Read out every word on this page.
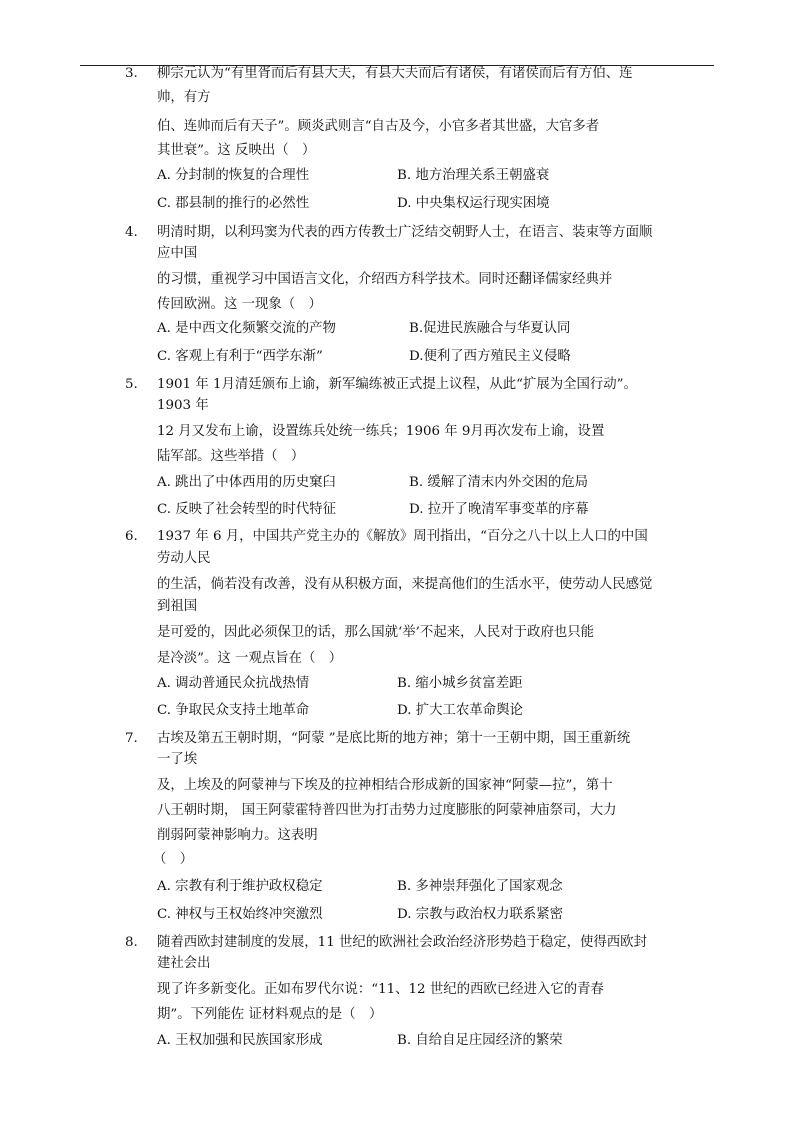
3. 柳宗元认为“有里胥而后有县大夫，有县大夫而后有诸侯，有诸侯而后有方伯、连
帅，有方
伯、连帅而后有天子”。顾炎武则言“自古及今，小官多者其世盛，大官多者
其世衰”。这 反映出（　）
A. 分封制的恢复的合理性	B. 地方治理关系王朝盛衰
C. 郡县制的推行的必然性	D. 中央集权运行现实困境
4. 明清时期，以利玛窦为代表的西方传教士广泛结交朝野人士，在语言、装束等方面顺
应中国
的习惯，重视学习中国语言文化，介绍西方科学技术。同时还翻译儒家经典并
传回欧洲。这 一现象（　）
A. 是中西文化频繁交流的产物	B.促进民族融合与华夏认同
C. 客观上有利于“西学东渐”	D.便利了西方殖民主义侵略
5. 1901 年 1月清廷颁布上谕，新军编练被正式提上议程，从此“扩展为全国行动”。
1903 年
12 月又发布上谕，设置练兵处统一练兵；1906 年 9月再次发布上谕，设置
陆军部。这些举措（　）
A. 跳出了中体西用的历史窠臼	B. 缓解了清末内外交困的危局
C. 反映了社会转型的时代特征	D. 拉开了晚清军事变革的序幕
6. 1937 年 6 月，中国共产党主办的《解放》周刊指出，“百分之八十以上人口的中国
劳动人民
的生活，倘若没有改善，没有从积极方面，来提高他们的生活水平，使劳动人民感觉
到祖国
是可爱的，因此必须保卫的话，那么国就‘举’不起来，人民对于政府也只能
是冷淡”。这 一观点旨在（　）
A. 调动普通民众抗战热情	B. 缩小城乡贫富差距
C. 争取民众支持土地革命	D. 扩大工农革命舆论
7. 古埃及第五王朝时期，“阿蒙 ”是底比斯的地方神；第十一王朝中期，国王重新统
一了埃
及，上埃及的阿蒙神与下埃及的拉神相结合形成新的国家神“阿蒙—拉”，第十
八王朝时期， 国王阿蒙霍特普四世为打击势力过度膨胀的阿蒙神庙祭司，大力
削弱阿蒙神影响力。这表明
（　）
A. 宗教有利于维护政权稳定	B. 多神崇拜强化了国家观念
C. 神权与王权始终冲突激烈	D. 宗教与政治权力联系紧密
8. 随着西欧封建制度的发展，11 世纪的欧洲社会政治经济形势趋于稳定，使得西欧封
建社会出
现了许多新变化。正如布罗代尔说：“11、12 世纪的西欧已经进入它的青春
期”。下列能佐 证材料观点的是（　）
A. 王权加强和民族国家形成	B. 自给自足庄园经济的繁荣
